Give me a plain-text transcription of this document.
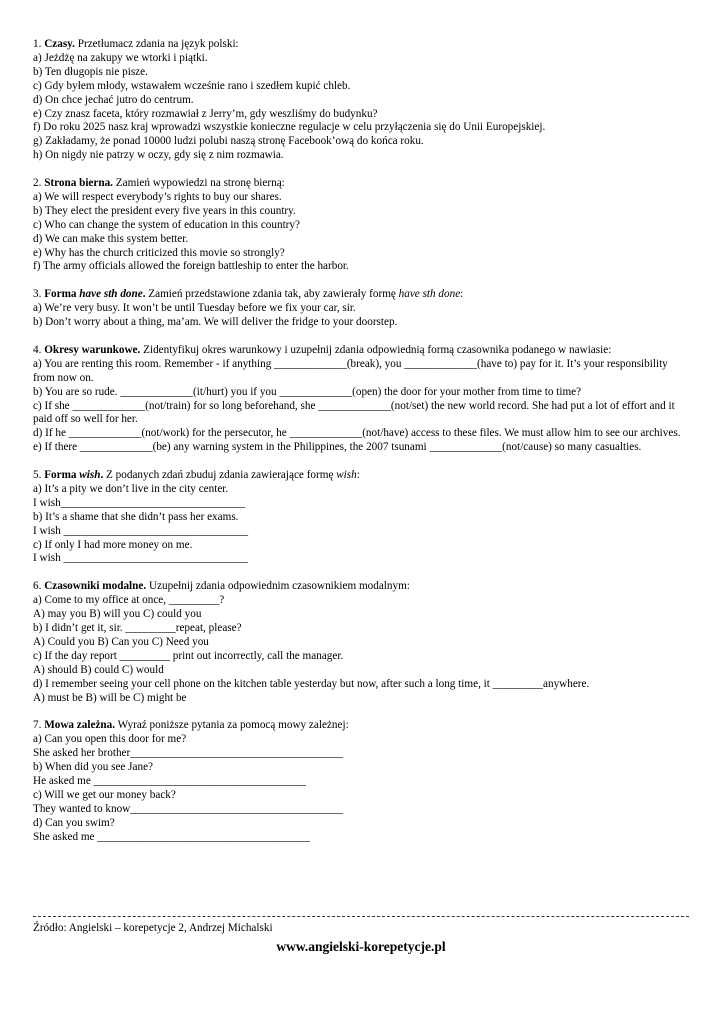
1. Czasy. Przetłumacz zdania na język polski:
a) Jeżdżę na zakupy we wtorki i piątki.
b) Ten długopis nie pisze.
c) Gdy byłem młody, wstawałem wcześnie rano i szedłem kupić chleb.
d) On chce jechać jutro do centrum.
e) Czy znasz faceta, który rozmawiał z Jerry’m, gdy weszliśmy do budynku?
f) Do roku 2025 nasz kraj wprowadzi wszystkie konieczne regulacje w celu przyłączenia się do Unii Europejskiej.
g) Zakładamy, że ponad 10000 ludzi polubi naszą stronę Facebook’ową do końca roku.
h) On nigdy nie patrzy w oczy, gdy się z nim rozmawia.
2. Strona bierna. Zamień wypowiedzi na stronę bierną:
a) We will respect everybody’s rights to buy our shares.
b) They elect the president every five years in this country.
c) Who can change the system of education in this country?
d) We can make this system better.
e) Why has the church criticized this movie so strongly?
f) The army officials allowed the foreign battleship to enter the harbor.
3. Forma have sth done. Zamień przedstawione zdania tak, aby zawierały formę have sth done:
a) We’re very busy. It won’t be until Tuesday before we fix your car, sir.
b) Don’t worry about a thing, ma’am. We will deliver the fridge to your doorstep.
4. Okresy warunkowe. Zidentyfikuj okres warunkowy i uzupełnij zdania odpowiednią formą czasownika podanego w nawiasie:
a) You are renting this room. Remember - if anything _____________(break), you _____________(have to) pay for it. It’s your responsibility from now on.
b) You are so rude. _____________(it/hurt) you if you _____________(open) the door for your mother from time to time?
c) If she _____________(not/train) for so long beforehand, she _____________(not/set) the new world record. She had put a lot of effort and it paid off so well for her.
d) If he _____________(not/work) for the persecutor, he _____________(not/have) access to these files. We must allow him to see our archives.
e) If there _____________(be) any warning system in the Philippines, the 2007 tsunami _____________(not/cause) so many casualties.
5. Forma wish. Z podanych zdań zbuduj zdania zawierające formę wish:
a) It’s a pity we don’t live in the city center.
I wish_________________________________
b) It’s a shame that she didn’t pass her exams.
I wish _________________________________
c) If only I had more money on me.
I wish _________________________________
6. Czasowniki modalne. Uzupełnij zdania odpowiednim czasownikiem modalnym:
a) Come to my office at once, _________?
A) may you B) will you C) could you
b) I didn’t get it, sir. _________repeat, please?
A) Could you B) Can you C) Need you
c) If the day report _________ print out incorrectly, call the manager.
A) should B) could C) would
d) I remember seeing your cell phone on the kitchen table yesterday but now, after such a long time, it _________anywhere.
A) must be B) will be C) might be
7. Mowa zależna. Wyraź poniższe pytania za pomocą mowy zależnej:
a) Can you open this door for me?
She asked her brother______________________________________
b) When did you see Jane?
He asked me ______________________________________
c) Will we get our money back?
They wanted to know______________________________________
d) Can you swim?
She asked me ______________________________________
Źródło: Angielski – korepetycje 2, Andrzej Michalski
www.angielski-korepetycje.pl
